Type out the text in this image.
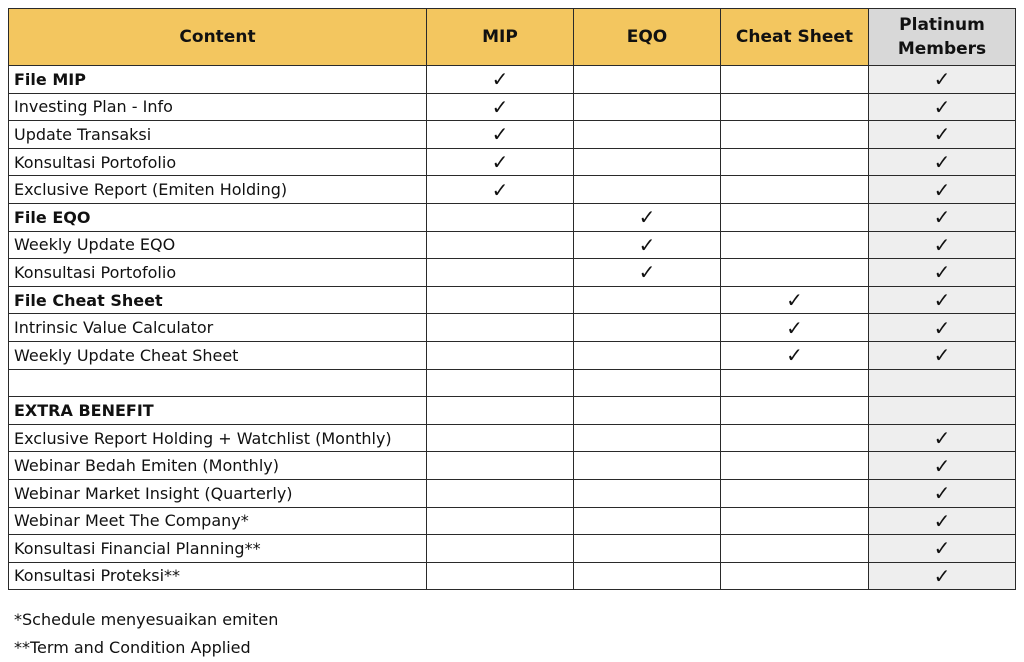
Content	MIP	EQO	Cheat Sheet	Platinum
Members
File MIP	✓			✓
Investing Plan - Info	✓			✓
Update Transaksi	✓			✓
Konsultasi Portofolio	✓			✓
Exclusive Report (Emiten Holding)	✓			✓
File EQO		✓		✓
Weekly Update EQO		✓		✓
Konsultasi Portofolio		✓		✓
File Cheat Sheet			✓	✓
Intrinsic Value Calculator			✓	✓
Weekly Update Cheat Sheet			✓	✓

EXTRA BENEFIT				
Exclusive Report Holding + Watchlist (Monthly)				✓
Webinar Bedah Emiten (Monthly)				✓
Webinar Market Insight (Quarterly)				✓
Webinar Meet The Company*				✓
Konsultasi Financial Planning**				✓
Konsultasi Proteksi**				✓
*Schedule menyesuaikan emiten
**Term and Condition Applied
